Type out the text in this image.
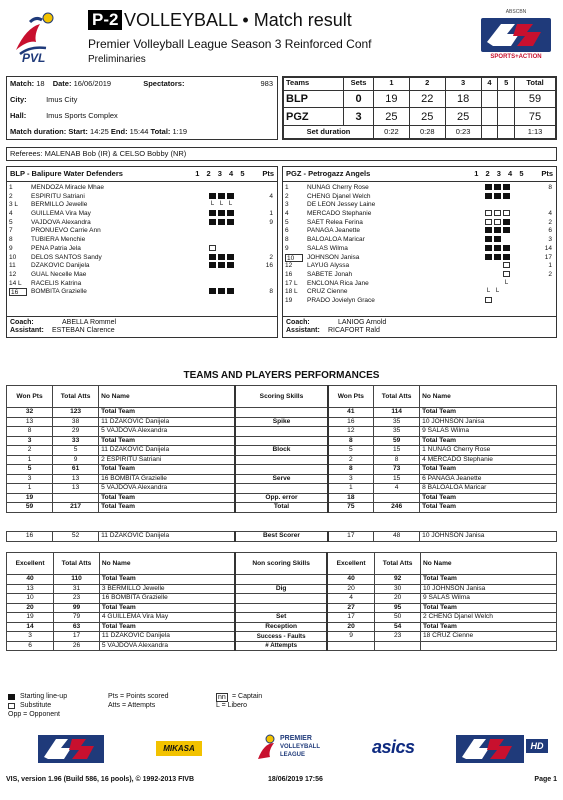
PVL
P-2 VOLLEYBALL • Match result
Premier Volleyball League Season 3 Reinforced Conf
Preliminaries
ABSCBN
SPORTS+ACTION
Match: 18 Date: 16/06/2019	Spectators:	983
City:	Imus City
Hall:	Imus Sports Complex
Match duration: Start: 14:25 End: 15:44 Total: 1:19
Teams	Sets	1	2	3	4	5	Total
BLP	0	19	22	18			59
PGZ	3	25	25	25			75
Set duration		0:22	0:28	0:23			1:13
Referees: MALENAB Bob (IR) & CELSO Bobby (NR)
BLP - Balipure Water Defenders	1 2 3 4 5 Pts
1	MENDOZA Miracle Mhae
2	ESPIRITU Satriani	4
3 L	BERMILLO Jewelle	L L L
4	GUILLEMA Vira May	1
5	VAJDOVA Alexandra	9
7	PRONUEVO Carrie Ann
8	TUBIERA Menchie
9	PENA Patria Jela
10	DELOS SANTOS Sandy	2
11	DZAKOVIC Danijela	16
12	GUAL Necelle Mae
14 L	RACELIS Katrina
16	BOMBITA Grazielle	8
Coach:	ABELLA Rommel
Assistant: ESTEBAN Clarence
PGZ - Petrogazz Angels	1 2 3 4 5 Pts
1	NUNAG Cherry Rose	8
2	CHENG Djanel Welch
3	DE LEON Jessey Laine
4	MERCADO Stephanie	4
5	SAET Relea Ferina	2
6	PANAGA Jeanette	6
8	BALOALOA Maricar	3
9	SALAS Wilma	14
10	JOHNSON Janisa	17
12	LAYUG Alyssa	1
16	SABETE Jonah	2
17 L	ENCLONA Rica Jane	L
18 L	CRUZ Cienne	L L
19	PRADO Jovielyn Grace
Coach:	LANIOG Arnold
Assistant: RICAFORT Rald
TEAMS AND PLAYERS PERFORMANCES
Won Pts	Total Atts	No Name	Scoring Skills	Won Pts	Total Atts	No Name
32	123	Total Team		41	114	Total Team
13	38	11 DZAKOVIC Danijela	Spike	16	35	10 JOHNSON Janisa
8	29	5 VAJDOVA Alexandra		12	35	9 SALAS Wilma
3	33	Total Team		8	59	Total Team
2	5	11 DZAKOVIC Danijela	Block	5	15	1 NUNAG Cherry Rose
1	9	2 ESPIRITU Satriani		2	8	4 MERCADO Stephanie
5	61	Total Team		8	73	Total Team
3	13	16 BOMBITA Grazielle	Serve	3	15	6 PANAGA Jeanette
1	13	5 VAJDOVA Alexandra		1	4	8 BALOALOA Maricar
19		Total Team	Opp. error	18		Total Team
59	217	Total Team	Total	75	246	Total Team
16	52	11 DZAKOVIC Danijela	Best Scorer	17	48	10 JOHNSON Janisa
Excellent	Total Atts	No Name	Non scoring Skills	Excellent	Total Atts	No Name
40	110	Total Team		40	92	Total Team
13	31	3 BERMILLO Jewelle	Dig	20	30	10 JOHNSON Janisa
10	23	16 BOMBITA Grazielle		4	20	9 SALAS Wilma
20	99	Total Team		27	95	Total Team
19	79	4 GUILLEMA Vira May	Set	17	50	2 CHENG Djanel Welch
14	63	Total Team	Reception	20	54	Total Team
3	17	11 DZAKOVIC Danijela	Success - Faults	9	23	18 CRUZ Cienne
6	26	5 VAJDOVA Alexandra	# Attempts			
Starting line-up	Pts = Points scored	nn = Captain
Substitute	Atts = Attempts	L = Libero
Opp = Opponent
MIKASA
PREMIER
VOLLEYBALL
LEAGUE	asics	HD
VIS, version 1.96 (Build 586, 16 pools), © 1992-2013 FIVB	18/06/2019 17:56	Page 1
